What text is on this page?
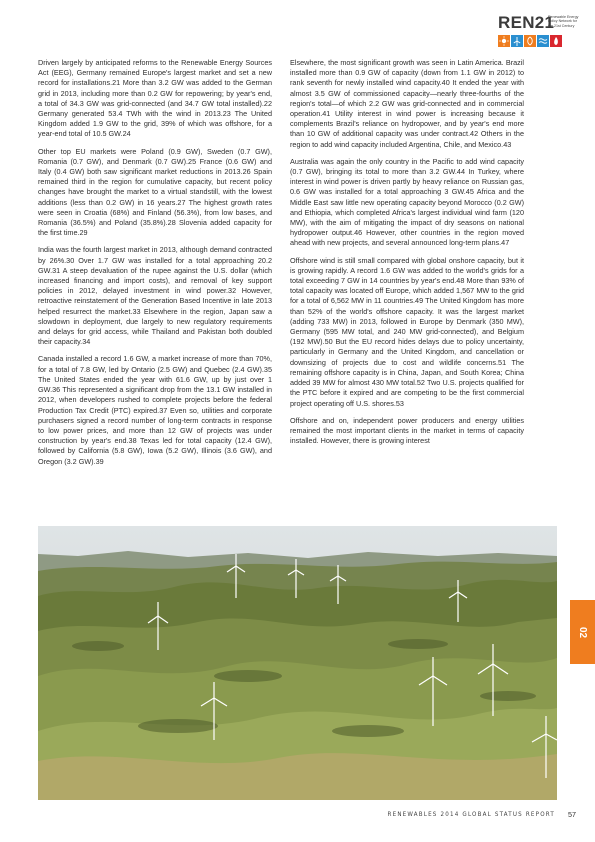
REN21
Renewable Energy Policy Network for the 21st Century

Driven largely by anticipated reforms to the Renewable Energy Sources Act (EEG), Germany remained Europe's largest market and set a new record for installations.21 More than 3.2 GW was added to the German grid in 2013, including more than 0.2 GW for repowering; by year's end, a total of 34.3 GW was grid-connected (and 34.7 GW total installed).22 Germany generated 53.4 TWh with the wind in 2013.23 The United Kingdom added 1.9 GW to the grid, 39% of which was offshore, for a year-end total of 10.5 GW.24

Other top EU markets were Poland (0.9 GW), Sweden (0.7 GW), Romania (0.7 GW), and Denmark (0.7 GW).25 France (0.6 GW) and Italy (0.4 GW) both saw significant market reductions in 2013.26 Spain remained third in the region for cumulative capacity, but recent policy changes have brought the market to a virtual standstill, with the lowest additions (less than 0.2 GW) in 16 years.27 The highest growth rates were seen in Croatia (68%) and Finland (56.3%), from low bases, and Romania (36.5%) and Poland (35.8%).28 Slovenia added capacity for the first time.29

India was the fourth largest market in 2013, although demand contracted by 26%.30 Over 1.7 GW was installed for a total approaching 20.2 GW.31 A steep devaluation of the rupee against the U.S. dollar (which increased financing and import costs), and removal of key support policies in 2012, delayed investment in wind power.32 However, retroactive reinstatement of the Generation Based Incentive in late 2013 helped resurrect the market.33 Elsewhere in the region, Japan saw a slowdown in deployment, due largely to new regulatory requirements and delays for grid access, while Thailand and Pakistan both doubled their capacity.34

Canada installed a record 1.6 GW, a market increase of more than 70%, for a total of 7.8 GW, led by Ontario (2.5 GW) and Quebec (2.4 GW).35 The United States ended the year with 61.6 GW, up by just over 1 GW.36 This represented a significant drop from the 13.1 GW installed in 2012, when developers rushed to complete projects before the federal Production Tax Credit (PTC) expired.37 Even so, utilities and corporate purchasers signed a record number of long-term contracts in response to low power prices, and more than 12 GW of projects was under construction by year's end.38 Texas led for total capacity (12.4 GW), followed by California (5.8 GW), Iowa (5.2 GW), Illinois (3.6 GW), and Oregon (3.2 GW).39

Elsewhere, the most significant growth was seen in Latin America. Brazil installed more than 0.9 GW of capacity (down from 1.1 GW in 2012) to rank seventh for newly installed wind capacity.40 It ended the year with almost 3.5 GW of commissioned capacity—nearly three-fourths of the region's total—of which 2.2 GW was grid-connected and in commercial operation.41 Utility interest in wind power is increasing because it complements Brazil's reliance on hydropower, and by year's end more than 10 GW of additional capacity was under contract.42 Others in the region to add wind capacity included Argentina, Chile, and Mexico.43

Australia was again the only country in the Pacific to add wind capacity (0.7 GW), bringing its total to more than 3.2 GW.44 In Turkey, where interest in wind power is driven partly by heavy reliance on Russian gas, 0.6 GW was installed for a total approaching 3 GW.45 Africa and the Middle East saw little new operating capacity beyond Morocco (0.2 GW) and Ethiopia, which completed Africa's largest individual wind farm (120 MW), with the aim of mitigating the impact of dry seasons on national hydropower output.46 However, other countries in the region moved ahead with new projects, and several announced long-term plans.47

Offshore wind is still small compared with global onshore capacity, but it is growing rapidly. A record 1.6 GW was added to the world's grids for a total exceeding 7 GW in 14 countries by year's end.48 More than 93% of total capacity was located off Europe, which added 1,567 MW to the grid for a total of 6,562 MW in 11 countries.49 The United Kingdom has more than 52% of the world's offshore capacity. It was the largest market (adding 733 MW) in 2013, followed in Europe by Denmark (350 MW), Germany (595 MW total, and 240 MW grid-connected), and Belgium (192 MW).50 But the EU record hides delays due to policy uncertainty, particularly in Germany and the United Kingdom, and cancellation or downsizing of projects due to cost and wildlife concerns.51 The remaining offshore capacity is in China, Japan, and South Korea; China added 39 MW for almost 430 MW total.52 Two U.S. projects qualified for the PTC before it expired and are competing to be the first commercial project operating off U.S. shores.53

Offshore and on, independent power producers and energy utilities remained the most important clients in the market in terms of capacity installed. However, there is growing interest

02
RENEWABLES 2014 GLOBAL STATUS REPORT 57
